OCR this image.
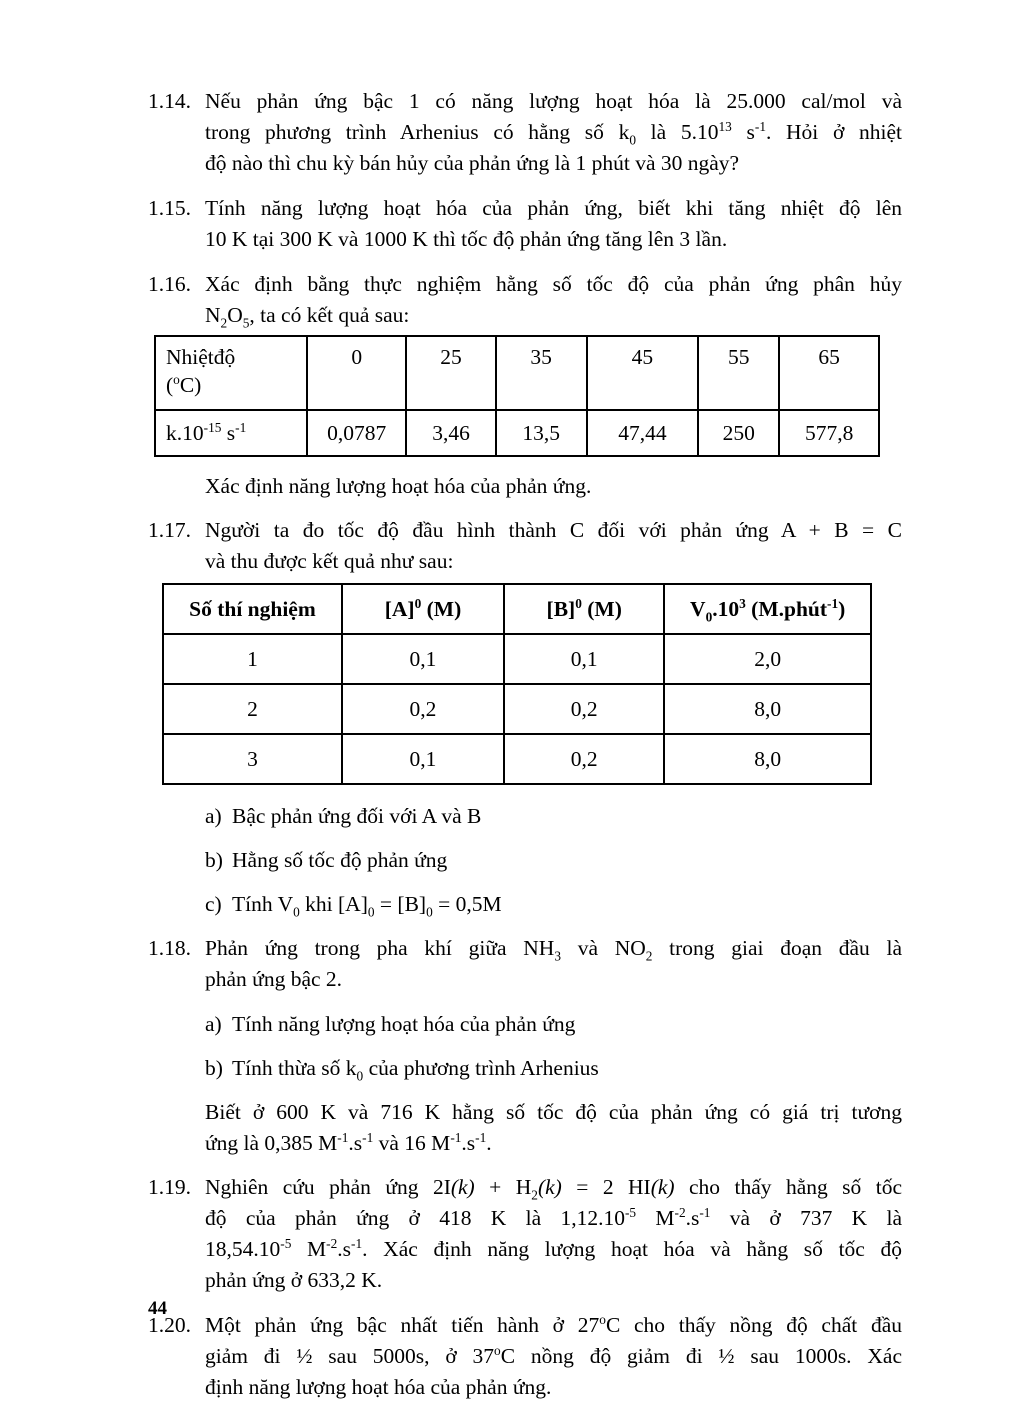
1.14. Nếu phản ứng bậc 1 có năng lượng hoạt hóa là 25.000 cal/mol và
trong phương trình Arhenius có hằng số $k_0$ là 5.10$^{13}$ $s^{-1}$. Hỏi ở nhiệt
độ nào thì chu kỳ bán hủy của phản ứng là 1 phút và 30 ngày?
1.15. Tính năng lượng hoạt hóa của phản ứng, biết khi tăng nhiệt độ lên
10 K tại 300 K và 1000 K thì tốc độ phản ứng tăng lên 3 lần.
1.16. Xác định bằng thực nghiệm hằng số tốc độ của phản ứng phân hủy
$N_2O_5$, ta có kết quả sau:
Nhiệtđộ
($^o$C)	0	25	35	45	55	65
$k.10^{-15}$ $s^{-1}$	0,0787	3,46	13,5	47,44	250	577,8
Xác định năng lượng hoạt hóa của phản ứng.
1.17. Người ta đo tốc độ đầu hình thành C đối với phản ứng A + B = C
và thu được kết quả như sau:
Số thí nghiệm	$[A]^0$ (M)	$[B]^0$ (M)	$V_0.10^3$ (M.phút$^{-1}$)
1	0,1	0,1	2,0
2	0,2	0,2	8,0
3	0,1	0,2	8,0
a) Bậc phản ứng đối với A và B
b) Hằng số tốc độ phản ứng
c) Tính $V_0$ khi $[A]_0 = [B]_0 = 0,5M$
1.18. Phản ứng trong pha khí giữa $NH_3$ và $NO_2$ trong giai đoạn đầu là
phản ứng bậc 2.
a) Tính năng lượng hoạt hóa của phản ứng
b) Tính thừa số $k_0$ của phương trình Arhenius
Biết ở 600 K và 716 K hằng số tốc độ của phản ứng có giá trị tương
ứng là 0,385 $M^{-1}.s^{-1}$ và 16 $M^{-1}.s^{-1}$.
1.19. Nghiên cứu phản ứng $2I(k) + H_2(k) = 2$ HI(k) cho thấy hằng số tốc
độ của phản ứng ở 418 K là $1,12.10^{-5}$ $M^{-2}.s^{-1}$ và ở 737 K là
$18,54.10^{-5}$ $M^{-2}.s^{-1}$. Xác định năng lượng hoạt hóa và hằng số tốc độ
phản ứng ở 633,2 K.
1.20. Một phản ứng bậc nhất tiến hành ở 27$^o$C cho thấy nồng độ chất đầu
giảm đi ½ sau 5000s, ở 37$^o$C nồng độ giảm đi ½ sau 1000s. Xác
định năng lượng hoạt hóa của phản ứng.
44
